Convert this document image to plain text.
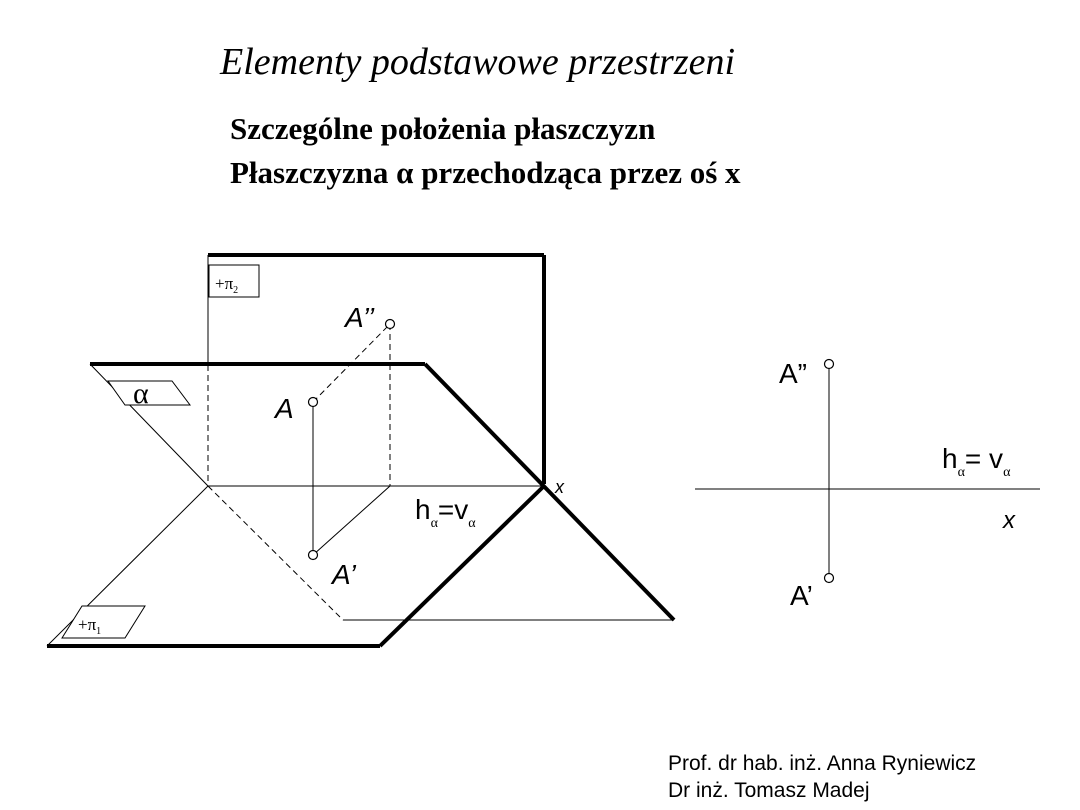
Elementy podstawowe przestrzeni
Szczególne położenia płaszczyzn
Płaszczyzna α przechodząca przez oś x
$+\pi_2$
α
$+\pi_1$
A’’
A
A’
x
$h_\alpha=v_\alpha$
A”
A’
x
$h_\alpha= v_\alpha$
Prof. dr hab. inż. Anna Ryniewicz
Dr inż. Tomasz Madej
